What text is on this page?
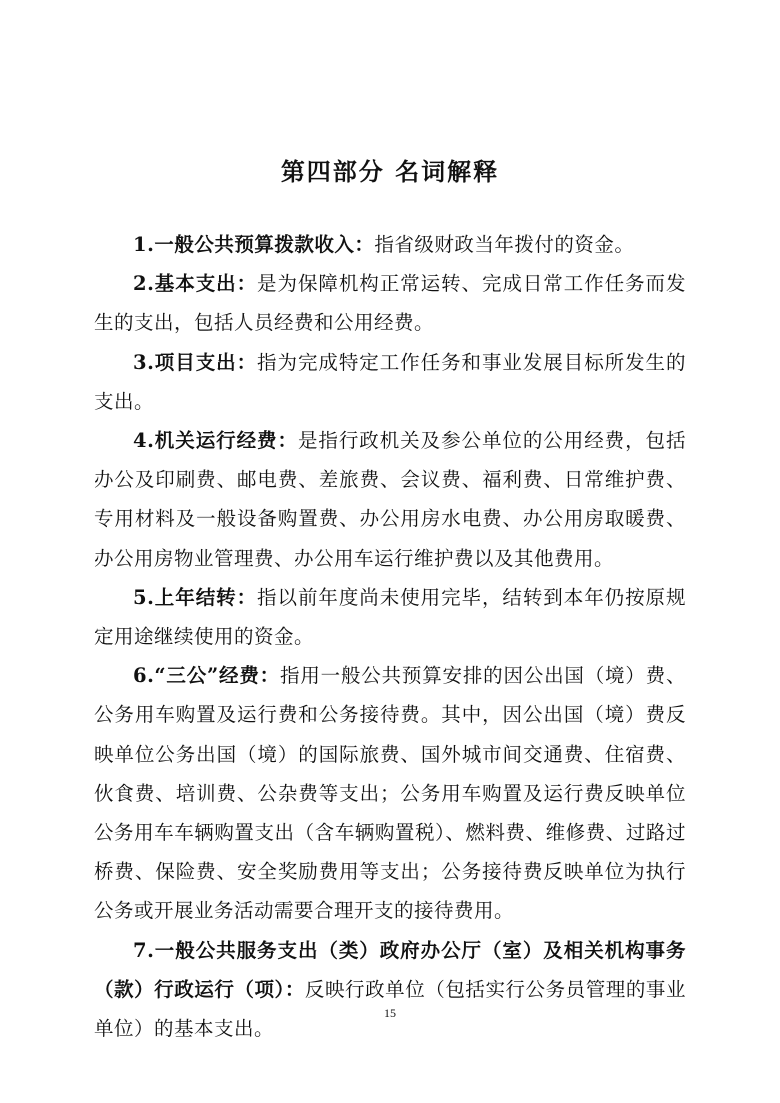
第四部分 名词解释

1.一般公共预算拨款收入：指省级财政当年拨付的资金。

2.基本支出：是为保障机构正常运转、完成日常工作任务而发生的支出，包括人员经费和公用经费。

3.项目支出：指为完成特定工作任务和事业发展目标所发生的支出。

4.机关运行经费：是指行政机关及参公单位的公用经费，包括办公及印刷费、邮电费、差旅费、会议费、福利费、日常维护费、专用材料及一般设备购置费、办公用房水电费、办公用房取暖费、办公用房物业管理费、办公用车运行维护费以及其他费用。

5.上年结转：指以前年度尚未使用完毕，结转到本年仍按原规定用途继续使用的资金。

6.“三公”经费：指用一般公共预算安排的因公出国（境）费、公务用车购置及运行费和公务接待费。其中，因公出国（境）费反映单位公务出国（境）的国际旅费、国外城市间交通费、住宿费、伙食费、培训费、公杂费等支出；公务用车购置及运行费反映单位公务用车车辆购置支出（含车辆购置税）、燃料费、维修费、过路过桥费、保险费、安全奖励费用等支出；公务接待费反映单位为执行公务或开展业务活动需要合理开支的接待费用。

7.一般公共服务支出（类）政府办公厅（室）及相关机构事务（款）行政运行（项）：反映行政单位（包括实行公务员管理的事业单位）的基本支出。

15
